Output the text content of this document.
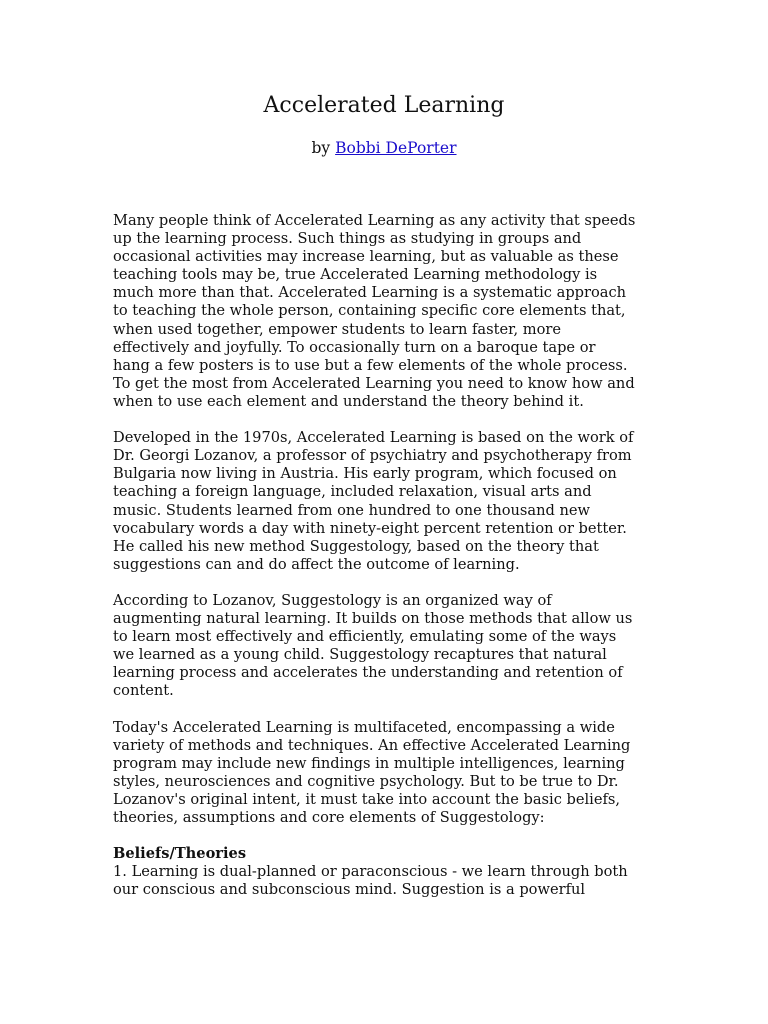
Accelerated Learning
by Bobbi DePorter
Many people think of Accelerated Learning as any activity that speeds
up the learning process. Such things as studying in groups and
occasional activities may increase learning, but as valuable as these
teaching tools may be, true Accelerated Learning methodology is
much more than that. Accelerated Learning is a systematic approach
to teaching the whole person, containing specific core elements that,
when used together, empower students to learn faster, more
effectively and joyfully. To occasionally turn on a baroque tape or
hang a few posters is to use but a few elements of the whole process.
To get the most from Accelerated Learning you need to know how and
when to use each element and understand the theory behind it.
Developed in the 1970s, Accelerated Learning is based on the work of
Dr. Georgi Lozanov, a professor of psychiatry and psychotherapy from
Bulgaria now living in Austria. His early program, which focused on
teaching a foreign language, included relaxation, visual arts and
music. Students learned from one hundred to one thousand new
vocabulary words a day with ninety-eight percent retention or better.
He called his new method Suggestology, based on the theory that
suggestions can and do affect the outcome of learning.
According to Lozanov, Suggestology is an organized way of
augmenting natural learning. It builds on those methods that allow us
to learn most effectively and efficiently, emulating some of the ways
we learned as a young child. Suggestology recaptures that natural
learning process and accelerates the understanding and retention of
content.
Today's Accelerated Learning is multifaceted, encompassing a wide
variety of methods and techniques. An effective Accelerated Learning
program may include new findings in multiple intelligences, learning
styles, neurosciences and cognitive psychology. But to be true to Dr.
Lozanov's original intent, it must take into account the basic beliefs,
theories, assumptions and core elements of Suggestology:
Beliefs/Theories
1. Learning is dual-planned or paraconscious - we learn through both
our conscious and subconscious mind. Suggestion is a powerful
